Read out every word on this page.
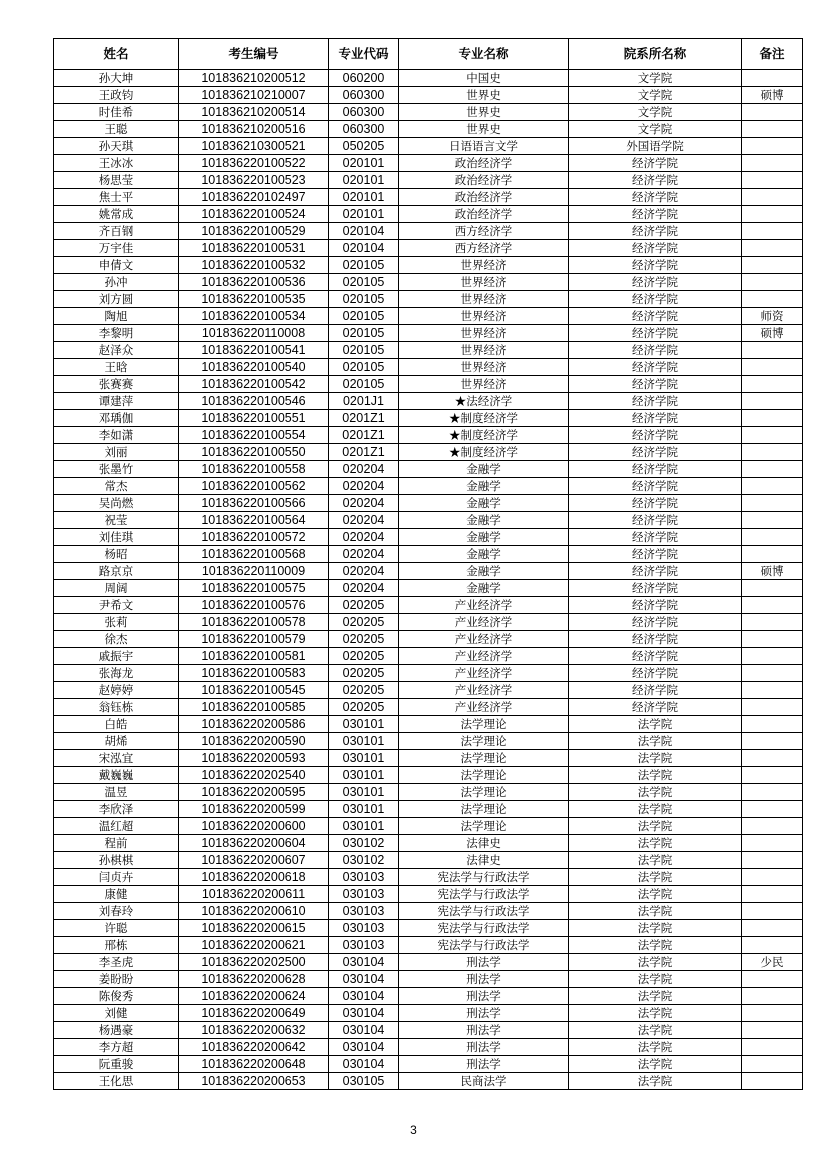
姓名	考生编号	专业代码	专业名称	院系所名称	备注
孙大坤	101836210200512	060200	中国史	文学院	
王政钧	101836210210007	060300	世界史	文学院	硕博
时佳希	101836210200514	060300	世界史	文学院	
王聪	101836210200516	060300	世界史	文学院	
孙天琪	101836210300521	050205	日语语言文学	外国语学院	
王冰冰	101836220100522	020101	政治经济学	经济学院	
杨思莹	101836220100523	020101	政治经济学	经济学院	
焦士平	101836220102497	020101	政治经济学	经济学院	
姚常成	101836220100524	020101	政治经济学	经济学院	
齐百钢	101836220100529	020104	西方经济学	经济学院	
万宇佳	101836220100531	020104	西方经济学	经济学院	
申倩文	101836220100532	020105	世界经济	经济学院	
孙冲	101836220100536	020105	世界经济	经济学院	
刘方圆	101836220100535	020105	世界经济	经济学院	
陶旭	101836220100534	020105	世界经济	经济学院	师资
李黎明	101836220110008	020105	世界经济	经济学院	硕博
赵泽众	101836220100541	020105	世界经济	经济学院	
王晗	101836220100540	020105	世界经济	经济学院	
张赛赛	101836220100542	020105	世界经济	经济学院	
谭建萍	101836220100546	0201J1	★法经济学	经济学院	
邓瑀伽	101836220100551	0201Z1	★制度经济学	经济学院	
李如潇	101836220100554	0201Z1	★制度经济学	经济学院	
刘丽	101836220100550	0201Z1	★制度经济学	经济学院	
张墨竹	101836220100558	020204	金融学	经济学院	
常杰	101836220100562	020204	金融学	经济学院	
吴尚燃	101836220100566	020204	金融学	经济学院	
祝莹	101836220100564	020204	金融学	经济学院	
刘佳琪	101836220100572	020204	金融学	经济学院	
杨昭	101836220100568	020204	金融学	经济学院	
路京京	101836220110009	020204	金融学	经济学院	硕博
周阔	101836220100575	020204	金融学	经济学院	
尹希文	101836220100576	020205	产业经济学	经济学院	
张莉	101836220100578	020205	产业经济学	经济学院	
徐杰	101836220100579	020205	产业经济学	经济学院	
戚振宇	101836220100581	020205	产业经济学	经济学院	
张海龙	101836220100583	020205	产业经济学	经济学院	
赵婷婷	101836220100545	020205	产业经济学	经济学院	
翁钰栋	101836220100585	020205	产业经济学	经济学院	
白皓	101836220200586	030101	法学理论	法学院	
胡烯	101836220200590	030101	法学理论	法学院	
宋泓宜	101836220200593	030101	法学理论	法学院	
戴巍巍	101836220202540	030101	法学理论	法学院	
温昱	101836220200595	030101	法学理论	法学院	
李欣泽	101836220200599	030101	法学理论	法学院	
温红超	101836220200600	030101	法学理论	法学院	
程前	101836220200604	030102	法律史	法学院	
孙棋棋	101836220200607	030102	法律史	法学院	
闫贞卉	101836220200618	030103	宪法学与行政法学	法学院	
康健	101836220200611	030103	宪法学与行政法学	法学院	
刘春玲	101836220200610	030103	宪法学与行政法学	法学院	
许聪	101836220200615	030103	宪法学与行政法学	法学院	
邢栋	101836220200621	030103	宪法学与行政法学	法学院	
李圣虎	101836220202500	030104	刑法学	法学院	少民
姜盼盼	101836220200628	030104	刑法学	法学院	
陈俊秀	101836220200624	030104	刑法学	法学院	
刘健	101836220200649	030104	刑法学	法学院	
杨遇豪	101836220200632	030104	刑法学	法学院	
李方超	101836220200642	030104	刑法学	法学院	
阮重骏	101836220200648	030104	刑法学	法学院	
王化思	101836220200653	030105	民商法学	法学院	
3
